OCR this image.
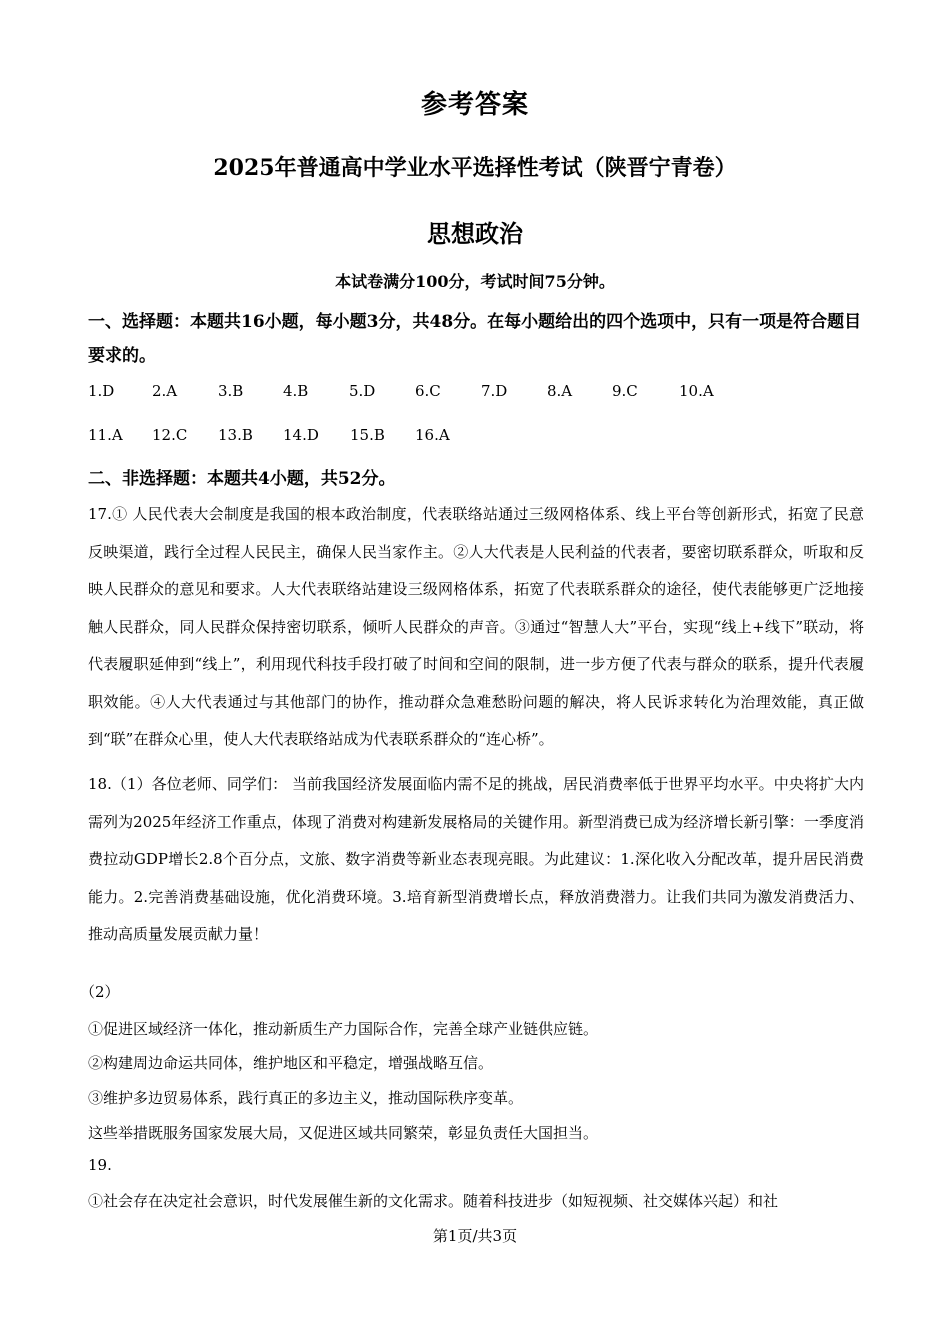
参考答案
2025年普通高中学业水平选择性考试（陕晋宁青卷）
思想政治
本试卷满分100分，考试时间75分钟。
一、选择题：本题共16小题，每小题3分，共48分。在每小题给出的四个选项中，只有一项是符合题目要求的。
1.D	2.A	3.B	4.B	5.D	6.C	7.D	8.A	9.C	10.A
11.A 12.C 13.B 14.D 15.B 16.A
二、非选择题：本题共4小题，共52分。
17.① 人民代表大会制度是我国的根本政治制度，代表联络站通过三级网格体系、线上平台等创新形式，拓宽了民意反映渠道，践行全过程人民民主，确保人民当家作主。②人大代表是人民利益的代表者，要密切联系群众，听取和反映人民群众的意见和要求。人大代表联络站建设三级网格体系，拓宽了代表联系群众的途径，使代表能够更广泛地接触人民群众，同人民群众保持密切联系，倾听人民群众的声音。③通过“智慧人大”平台，实现“线上+线下”联动，将代表履职延伸到“线上”，利用现代科技手段打破了时间和空间的限制，进一步方便了代表与群众的联系，提升代表履职效能。④人大代表通过与其他部门的协作，推动群众急难愁盼问题的解决，将人民诉求转化为治理效能，真正做到“联”在群众心里，使人大代表联络站成为代表联系群众的“连心桥”。
18.（1）各位老师、同学们： 当前我国经济发展面临内需不足的挑战，居民消费率低于世界平均水平。中央将扩大内需列为2025年经济工作重点，体现了消费对构建新发展格局的关键作用。新型消费已成为经济增长新引擎：一季度消费拉动GDP增长2.8个百分点，文旅、数字消费等新业态表现亮眼。为此建议：1.深化收入分配改革，提升居民消费能力。2.完善消费基础设施，优化消费环境。3.培育新型消费增长点，释放消费潜力。让我们共同为激发消费活力、推动高质量发展贡献力量！
（2）
①促进区域经济一体化，推动新质生产力国际合作，完善全球产业链供应链。
②构建周边命运共同体，维护地区和平稳定，增强战略互信。
③维护多边贸易体系，践行真正的多边主义，推动国际秩序变革。
这些举措既服务国家发展大局，又促进区域共同繁荣，彰显负责任大国担当。
19.
①社会存在决定社会意识，时代发展催生新的文化需求。随着科技进步（如短视频、社交媒体兴起）和社
第1页/共3页
